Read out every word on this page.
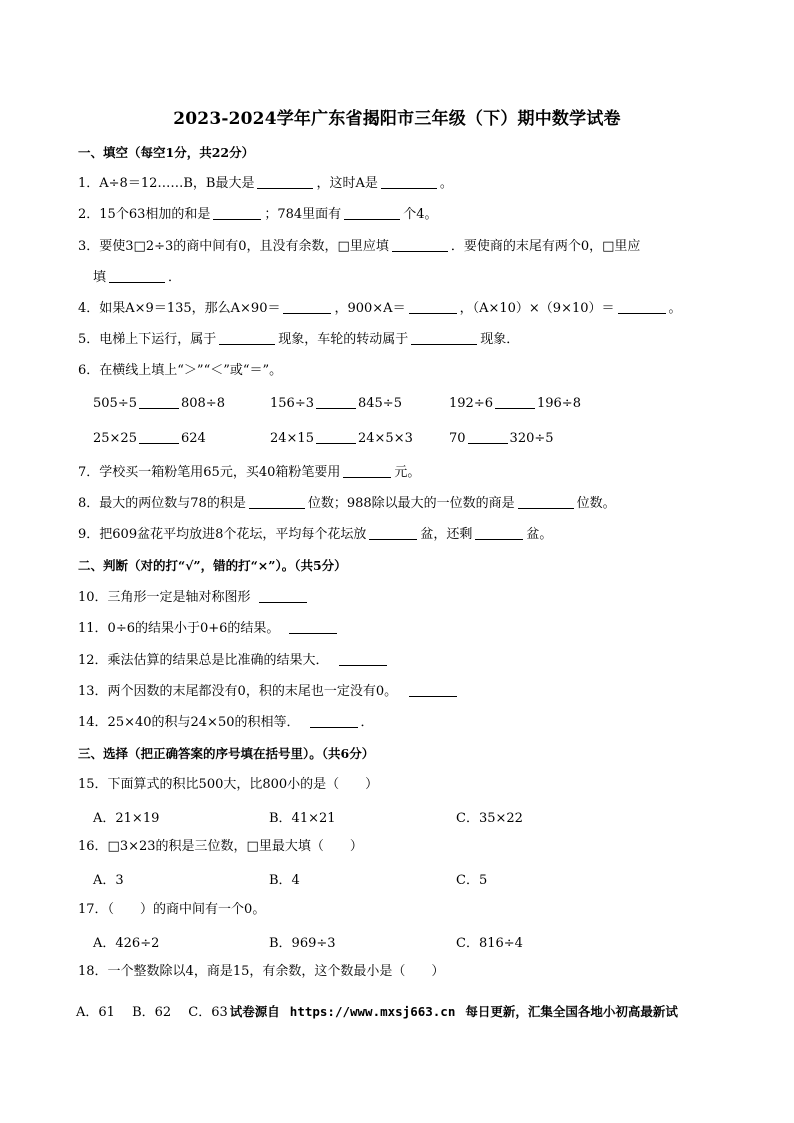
2023-2024学年广东省揭阳市三年级（下）期中数学试卷
一、填空（每空1分，共22分）
1．A÷8＝12……B，B最大是	，这时A是	。
2．15个63相加的和是	；784里面有	个4。
3．要使3□2÷3的商中间有0，且没有余数，□里应填	．要使商的末尾有两个0，□里应
填	．
4．如果A×9＝135，那么A×90＝	，900×A＝	，（A×10）×（9×10）＝	。
5．电梯上下运行，属于	现象，车轮的转动属于	现象．
6．在横线上填上“＞”“＜”或“＝”。
505÷5	808÷8	156÷3	845÷5	192÷6	196÷8
25×25	624	24×15	24×5×3	70	320÷5
7．学校买一箱粉笔用65元，买40箱粉笔要用	元。
8．最大的两位数与78的积是	位数；988除以最大的一位数的商是	位数。
9．把609盆花平均放进8个花坛，平均每个花坛放	盆，还剩	盆。
二、判断（对的打“√”，错的打“×”）。（共5分）
10．三角形一定是轴对称图形
11．0÷6的结果小于0+6的结果。
12．乘法估算的结果总是比准确的结果大．
13．两个因数的末尾都没有0，积的末尾也一定没有0。
14．25×40的积与24×50的积相等．	．
三、选择（把正确答案的序号填在括号里）。（共6分）
15．下面算式的积比500大，比800小的是（　　）
A．21×19	B．41×21	C．35×22
16．□3×23的积是三位数，□里最大填（　　）
A．3	B．4	C．5
17．（　　）的商中间有一个0。
A．426÷2	B．969÷3	C．816÷4
18．一个整数除以4，商是15，有余数，这个数最小是（　　）
A．61　 B．62　 C．63 试卷源自 https://www.mxsj663.cn 每日更新，汇集全国各地小初高最新试
